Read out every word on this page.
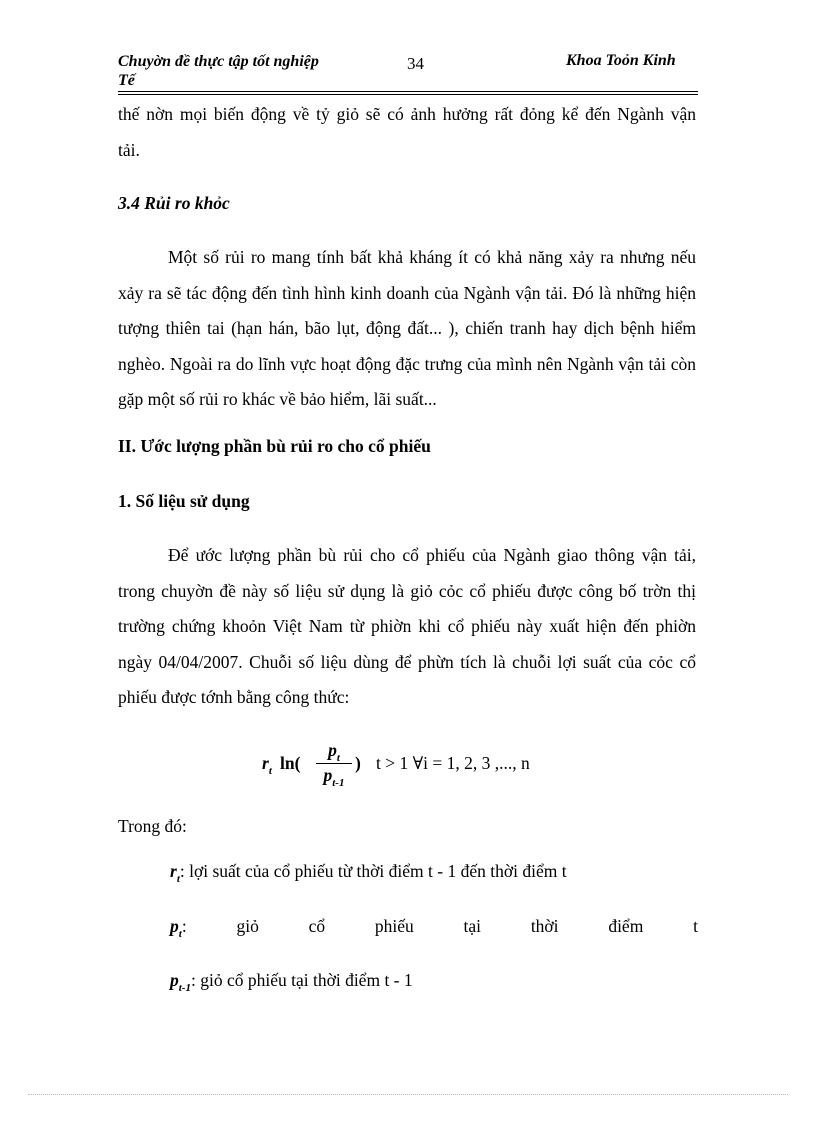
Chuyờn đề thực tập tốt nghiệp
Tế
34	Khoa Toỏn Kinh
thế nờn mọi biến động về tỷ giỏ sẽ có ảnh hưởng rất đỏng kể đến Ngành vận
tải.
3.4 Rủi ro khỏc
Một số rủi ro mang tính bất khả kháng ít có khả năng xảy ra nhưng nếu xảy ra sẽ tác động đến tình hình kinh doanh của Ngành vận tải. Đó là những hiện tượng thiên tai (hạn hán, bão lụt, động đất... ), chiến tranh hay dịch bệnh hiểm nghèo. Ngoài ra do lĩnh vực hoạt động đặc trưng của mình nên Ngành vận tải còn gặp một số rủi ro khác về bảo hiểm, lãi suất...
II. Ước lượng phần bù rủi ro cho cổ phiếu
1. Số liệu sử dụng
Để ước lượng phần bù rủi cho cổ phiếu của Ngành giao thông vận tải, trong chuyờn đề này số liệu sử dụng là giỏ cỏc cổ phiếu được công bố trờn thị trường chứng khoỏn Việt Nam từ phiờn khi cổ phiếu này xuất hiện đến phiờn ngày 04/04/2007. Chuỗi số liệu dùng để phừn tích là chuỗi lợi suất của cỏc cổ phiếu được tớnh bằng công thức:
$r_t$ ln(
$p_t$
$p_{t-1}$
) t > 1 ∀i = 1, 2, 3 ,..., n
Trong đó:
$r_t$: lợi suất của cổ phiếu từ thời điểm t - 1 đến thời điểm t
$p_t$:	giỏ	cổ	phiếu	tại	thời	điểm	t
$p_{t-1}$: giỏ cổ phiếu tại thời điểm t - 1
